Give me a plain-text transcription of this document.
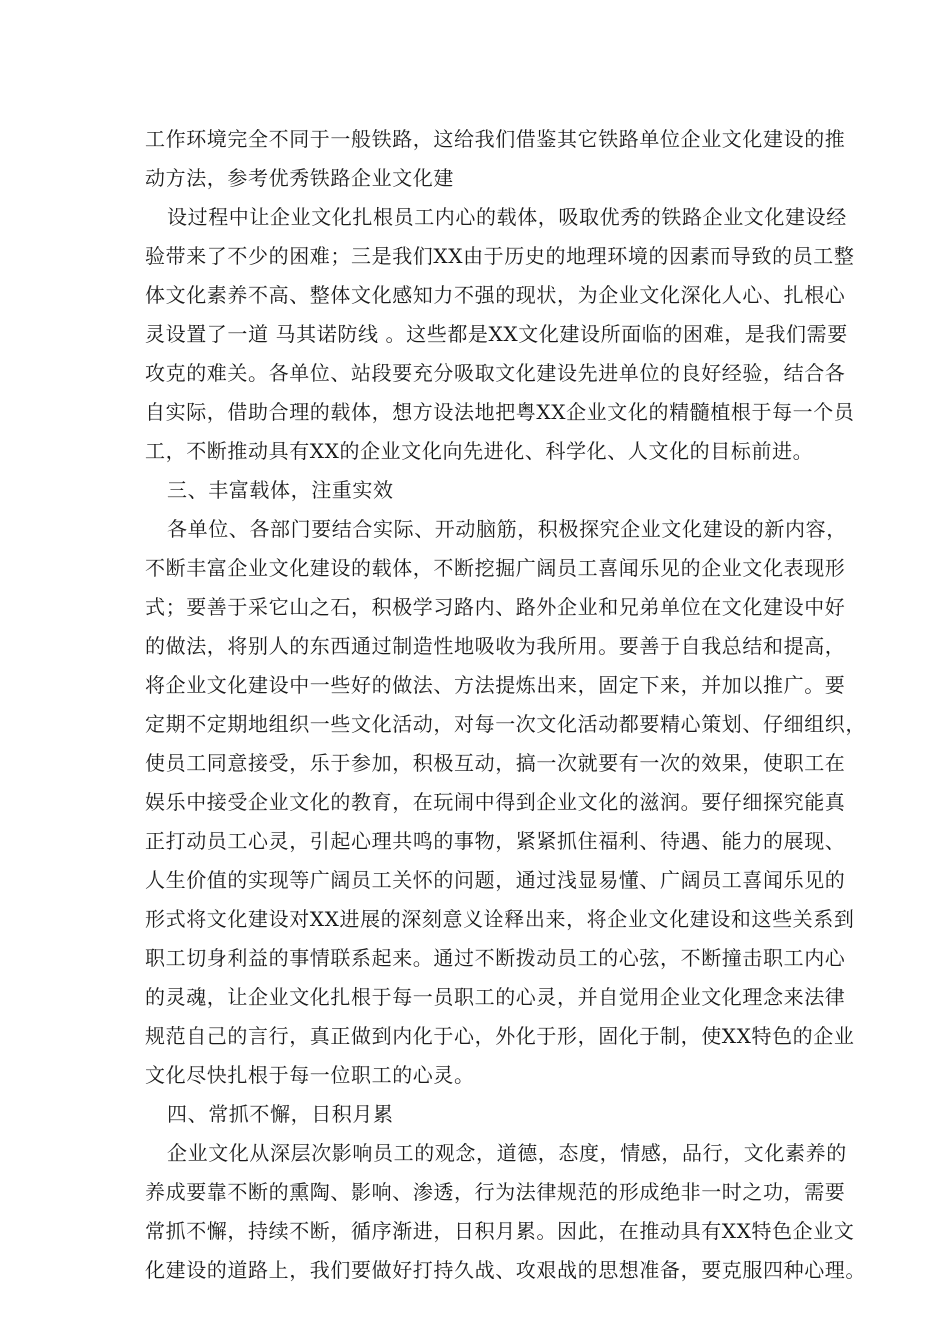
工作环境完全不同于一般铁路，这给我们借鉴其它铁路单位企业文化建设的推
动方法，参考优秀铁路企业文化建
设过程中让企业文化扎根员工内心的载体，吸取优秀的铁路企业文化建设经
验带来了不少的困难；三是我们XX由于历史的地理环境的因素而导致的员工整
体文化素养不高、整体文化感知力不强的现状，为企业文化深化人心、扎根心
灵设置了一道 马其诺防线 。这些都是XX文化建设所面临的困难，是我们需要
攻克的难关。各单位、站段要充分吸取文化建设先进单位的良好经验，结合各
自实际，借助合理的载体，想方设法地把粤XX企业文化的精髓植根于每一个员
工，不断推动具有XX的企业文化向先进化、科学化、人文化的目标前进。
三、丰富载体，注重实效
各单位、各部门要结合实际、开动脑筋，积极探究企业文化建设的新内容，
不断丰富企业文化建设的载体，不断挖掘广阔员工喜闻乐见的企业文化表现形
式；要善于采它山之石，积极学习路内、路外企业和兄弟单位在文化建设中好
的做法，将别人的东西通过制造性地吸收为我所用。要善于自我总结和提高，
将企业文化建设中一些好的做法、方法提炼出来，固定下来，并加以推广。要
定期不定期地组织一些文化活动，对每一次文化活动都要精心策划、仔细组织，
使员工同意接受，乐于参加，积极互动，搞一次就要有一次的效果，使职工在
娱乐中接受企业文化的教育，在玩闹中得到企业文化的滋润。要仔细探究能真
正打动员工心灵，引起心理共鸣的事物，紧紧抓住福利、待遇、能力的展现、
人生价值的实现等广阔员工关怀的问题，通过浅显易懂、广阔员工喜闻乐见的
形式将文化建设对XX进展的深刻意义诠释出来，将企业文化建设和这些关系到
职工切身利益的事情联系起来。通过不断拨动员工的心弦，不断撞击职工内心
的灵魂，让企业文化扎根于每一员职工的心灵，并自觉用企业文化理念来法律
规范自己的言行，真正做到内化于心，外化于形，固化于制，使XX特色的企业
文化尽快扎根于每一位职工的心灵。
四、常抓不懈，日积月累
企业文化从深层次影响员工的观念，道德，态度，情感，品行，文化素养的
养成要靠不断的熏陶、影响、渗透，行为法律规范的形成绝非一时之功，需要
常抓不懈，持续不断，循序渐进，日积月累。因此，在推动具有XX特色企业文
化建设的道路上，我们要做好打持久战、攻艰战的思想准备，要克服四种心理。
